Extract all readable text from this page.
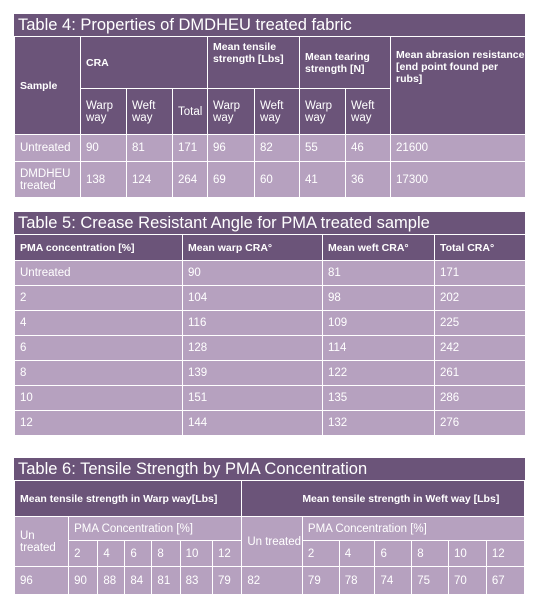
Table 4: Properties of DMDHEU treated fabric
Sample	CRA			Mean tensile strength [Lbs]		Mean tearing strength [N]		Mean abrasion resistance [end point found per rubs]
	Warp way	Weft way	Total	Warp way	Weft way	Warp way	Weft way	
Untreated	90	81	171	96	82	55	46	21600
DMDHEU treated	138	124	264	69	60	41	36	17300
Table 5: Crease Resistant Angle for PMA treated sample
PMA concentration [%]	Mean warp CRA°	Mean weft CRA°	Total CRA°
Untreated	90	81	171
2	104	98	202
4	116	109	225
6	128	114	242
8	139	122	261
10	151	135	286
12	144	132	276
Table 6: Tensile Strength by PMA Concentration
Mean tensile strength in Warp way[Lbs]							Mean tensile strength in Weft way [Lbs]						
Un treated	PMA Concentration [%]						Un treated	PMA Concentration [%]					
	2	4	6	8	10	12		2	4	6	8	10	12
96	90	88	84	81	83	79	82	79	78	74	75	70	67
